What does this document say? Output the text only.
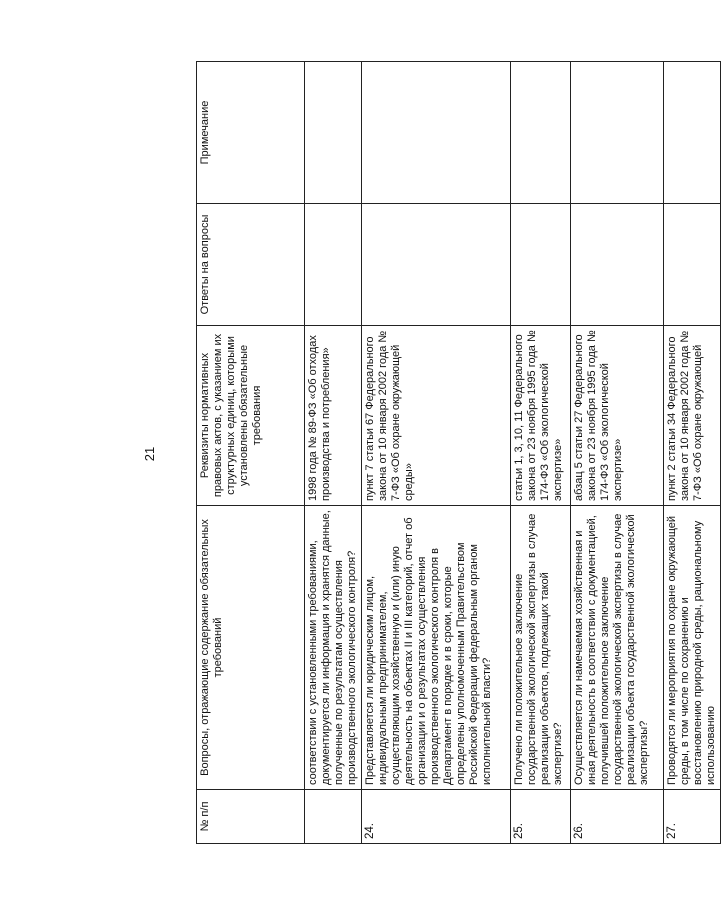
21
№ п/п	Вопросы, отражающие содержание обязательных требований	Реквизиты нормативных правовых актов, с указанием их структурных единиц, которыми установлены обязательные требования	Ответы на вопросы	Примечание
	соответствии с установленными требованиями, документируется ли информация и хранятся данные, полученные по результатам осуществления производственного экологического контроля?	1998 года № 89-ФЗ «Об отходах производства и потребления»		
24.	Представляется ли юридическим лицом, индивидуальным предпринимателем, осуществляющим хозяйственную и (или) иную деятельность на объектах II и III категорий, отчет об организации и о результатах осуществления производственного экологического контроля в Департамент в порядке и в сроки, которые определены уполномоченным Правительством Российской Федерации федеральным органом исполнительной власти?	пункт 7 статьи 67 Федерального закона от 10 января 2002 года № 7-ФЗ «Об охране окружающей среды»		
25.	Получено ли положительное заключение государственной экологической экспертизы в случае реализации объектов, подлежащих такой экспертизе?	статьи 1, 3, 10, 11 Федерального закона от 23 ноября 1995 года № 174-ФЗ «Об экологической экспертизе»		
26.	Осуществляется ли намечаемая хозяйственная и иная деятельность в соответствии с документацией, получившей положительное заключение государственной экологической экспертизы в случае реализации объекта государственной экологической экспертизы?	абзац 5 статьи 27 Федерального закона от 23 ноября 1995 года № 174-ФЗ «Об экологической экспертизе»		
27.	Проводятся ли мероприятия по охране окружающей среды, в том числе по сохранению и восстановлению природной среды, рациональному использованию	пункт 2 статьи 34 Федерального закона от 10 января 2002 года № 7-ФЗ «Об охране окружающей		
